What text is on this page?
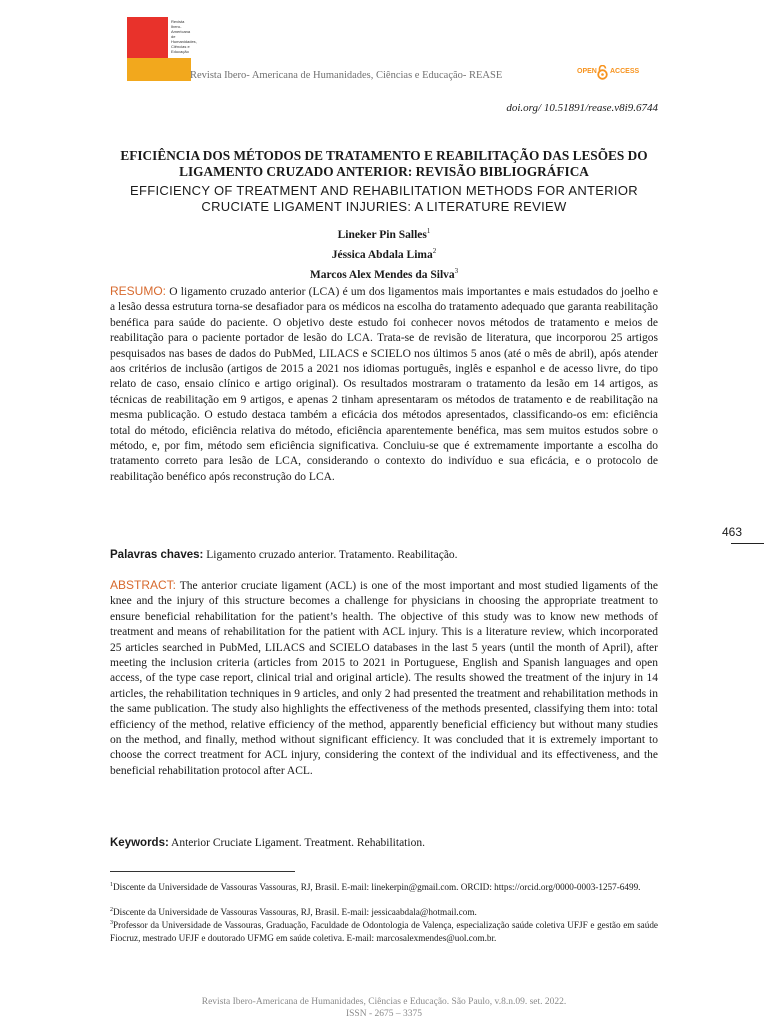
Revista Ibero-Americana de Humanidades, Ciências e Educação
Revista Ibero- Americana de Humanidades, Ciências e Educação- REASE	OPEN ACCESS
doi.org/ 10.51891/rease.v8i9.6744
EFICIÊNCIA DOS MÉTODOS DE TRATAMENTO E REABILITAÇÃO DAS LESÕES DO LIGAMENTO CRUZADO ANTERIOR: REVISÃO BIBLIOGRÁFICA
EFFICIENCY OF TREATMENT AND REHABILITATION METHODS FOR ANTERIOR CRUCIATE LIGAMENT INJURIES: A LITERATURE REVIEW
Lineker Pin Salles$^1$
Jéssica Abdala Lima$^2$
Marcos Alex Mendes da Silva$^3$
RESUMO: O ligamento cruzado anterior (LCA) é um dos ligamentos mais importantes e mais estudados do joelho e a lesão dessa estrutura torna-se desafiador para os médicos na escolha do tratamento adequado que garanta reabilitação benéfica para saúde do paciente. O objetivo deste estudo foi conhecer novos métodos de tratamento e meios de reabilitação para o paciente portador de lesão do LCA. Trata-se de revisão de literatura, que incorporou 25 artigos pesquisados nas bases de dados do PubMed, LILACS e SCIELO nos últimos 5 anos (até o mês de abril), após atender aos critérios de inclusão (artigos de 2015 a 2021 nos idiomas português, inglês e espanhol e de acesso livre, do tipo relato de caso, ensaio clínico e artigo original). Os resultados mostraram o tratamento da lesão em 14 artigos, as técnicas de reabilitação em 9 artigos, e apenas 2 tinham apresentaram os métodos de tratamento e de reabilitação na mesma publicação. O estudo destaca também a eficácia dos métodos apresentados, classificando-os em: eficiência total do método, eficiência relativa do método, eficiência aparentemente benéfica, mas sem muitos estudos sobre o método, e, por fim, método sem eficiência significativa. Concluiu-se que é extremamente importante a escolha do tratamento correto para lesão de LCA, considerando o contexto do indivíduo e sua eficácia, e o protocolo de reabilitação benéfico após reconstrução do LCA.
463
Palavras chaves: Ligamento cruzado anterior. Tratamento. Reabilitação.
ABSTRACT: The anterior cruciate ligament (ACL) is one of the most important and most studied ligaments of the knee and the injury of this structure becomes a challenge for physicians in choosing the appropriate treatment to ensure beneficial rehabilitation for the patient’s health. The objective of this study was to know new methods of treatment and means of rehabilitation for the patient with ACL injury. This is a literature review, which incorporated 25 articles searched in PubMed, LILACS and SCIELO databases in the last 5 years (until the month of April), after meeting the inclusion criteria (articles from 2015 to 2021 in Portuguese, English and Spanish languages and open access, of the type case report, clinical trial and original article). The results showed the treatment of the injury in 14 articles, the rehabilitation techniques in 9 articles, and only 2 had presented the treatment and rehabilitation methods in the same publication. The study also highlights the effectiveness of the methods presented, classifying them into: total efficiency of the method, relative efficiency of the method, apparently beneficial efficiency but without many studies on the method, and finally, method without significant efficiency. It was concluded that it is extremely important to choose the correct treatment for ACL injury, considering the context of the individual and its effectiveness, and the beneficial rehabilitation protocol after ACL.
Keywords: Anterior Cruciate Ligament. Treatment. Rehabilitation.
$^1$Discente da Universidade de Vassouras Vassouras, RJ, Brasil. E-mail: linekerpin@gmail.com. ORCID: https://orcid.org/0000-0003-1257-6499.
$^2$Discente da Universidade de Vassouras Vassouras, RJ, Brasil. E-mail: jessicaabdala@hotmail.com.
$^3$Professor da Universidade de Vassouras, Graduação, Faculdade de Odontologia de Valença, especialização saúde coletiva UFJF e gestão em saúde Fiocruz, mestrado UFJF e doutorado UFMG em saúde coletiva. E-mail: marcosalexmendes@uol.com.br.
Revista Ibero-Americana de Humanidades, Ciências e Educação. São Paulo, v.8.n.09. set. 2022.
ISSN - 2675 – 3375
